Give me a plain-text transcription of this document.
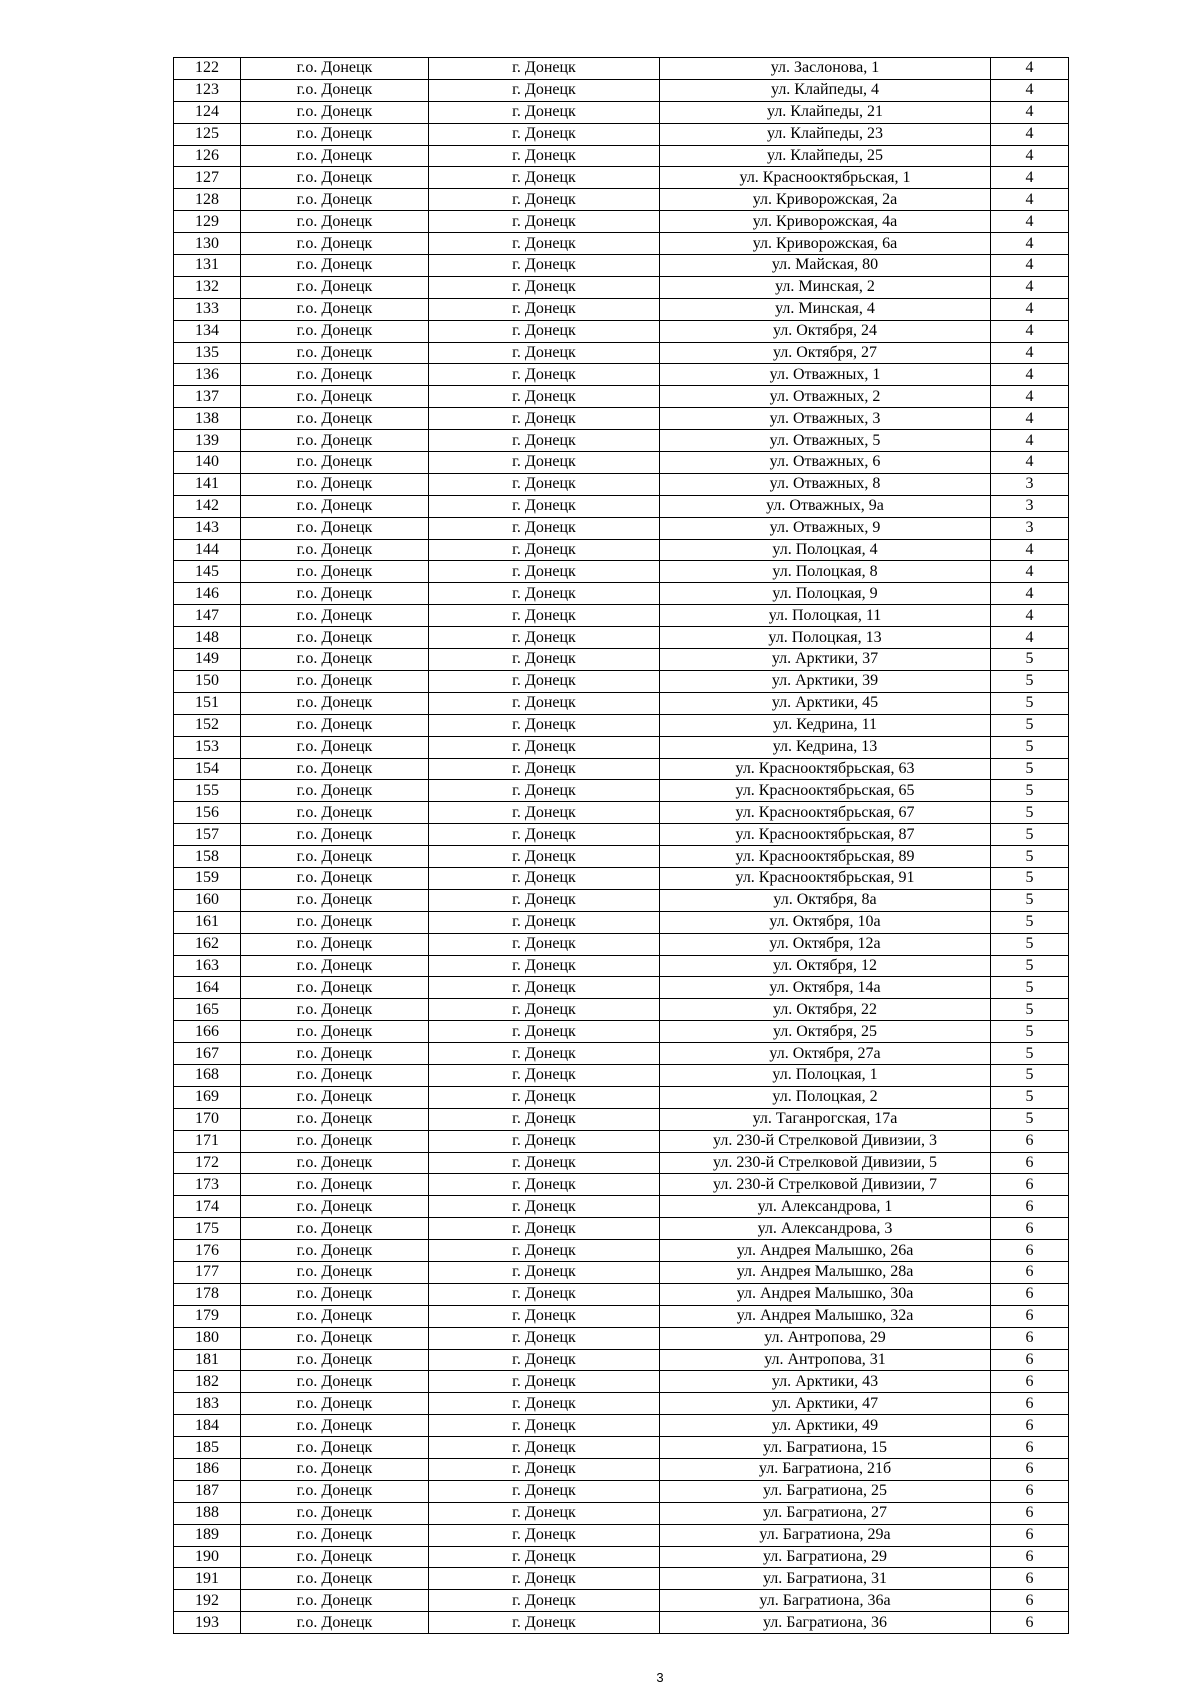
122	г.о. Донецк	г. Донецк	ул. Заслонова, 1	4
123	г.о. Донецк	г. Донецк	ул. Клайпеды, 4	4
124	г.о. Донецк	г. Донецк	ул. Клайпеды, 21	4
125	г.о. Донецк	г. Донецк	ул. Клайпеды, 23	4
126	г.о. Донецк	г. Донецк	ул. Клайпеды, 25	4
127	г.о. Донецк	г. Донецк	ул. Краснооктябрьская, 1	4
128	г.о. Донецк	г. Донецк	ул. Криворожская, 2а	4
129	г.о. Донецк	г. Донецк	ул. Криворожская, 4а	4
130	г.о. Донецк	г. Донецк	ул. Криворожская, 6а	4
131	г.о. Донецк	г. Донецк	ул. Майская, 80	4
132	г.о. Донецк	г. Донецк	ул. Минская, 2	4
133	г.о. Донецк	г. Донецк	ул. Минская, 4	4
134	г.о. Донецк	г. Донецк	ул. Октября, 24	4
135	г.о. Донецк	г. Донецк	ул. Октября, 27	4
136	г.о. Донецк	г. Донецк	ул. Отважных, 1	4
137	г.о. Донецк	г. Донецк	ул. Отважных, 2	4
138	г.о. Донецк	г. Донецк	ул. Отважных, 3	4
139	г.о. Донецк	г. Донецк	ул. Отважных, 5	4
140	г.о. Донецк	г. Донецк	ул. Отважных, 6	4
141	г.о. Донецк	г. Донецк	ул. Отважных, 8	3
142	г.о. Донецк	г. Донецк	ул. Отважных, 9а	3
143	г.о. Донецк	г. Донецк	ул. Отважных, 9	3
144	г.о. Донецк	г. Донецк	ул. Полоцкая, 4	4
145	г.о. Донецк	г. Донецк	ул. Полоцкая, 8	4
146	г.о. Донецк	г. Донецк	ул. Полоцкая, 9	4
147	г.о. Донецк	г. Донецк	ул. Полоцкая, 11	4
148	г.о. Донецк	г. Донецк	ул. Полоцкая, 13	4
149	г.о. Донецк	г. Донецк	ул. Арктики, 37	5
150	г.о. Донецк	г. Донецк	ул. Арктики, 39	5
151	г.о. Донецк	г. Донецк	ул. Арктики, 45	5
152	г.о. Донецк	г. Донецк	ул. Кедрина, 11	5
153	г.о. Донецк	г. Донецк	ул. Кедрина, 13	5
154	г.о. Донецк	г. Донецк	ул. Краснооктябрьская, 63	5
155	г.о. Донецк	г. Донецк	ул. Краснооктябрьская, 65	5
156	г.о. Донецк	г. Донецк	ул. Краснооктябрьская, 67	5
157	г.о. Донецк	г. Донецк	ул. Краснооктябрьская, 87	5
158	г.о. Донецк	г. Донецк	ул. Краснооктябрьская, 89	5
159	г.о. Донецк	г. Донецк	ул. Краснооктябрьская, 91	5
160	г.о. Донецк	г. Донецк	ул. Октября, 8а	5
161	г.о. Донецк	г. Донецк	ул. Октября, 10а	5
162	г.о. Донецк	г. Донецк	ул. Октября, 12а	5
163	г.о. Донецк	г. Донецк	ул. Октября, 12	5
164	г.о. Донецк	г. Донецк	ул. Октября, 14а	5
165	г.о. Донецк	г. Донецк	ул. Октября, 22	5
166	г.о. Донецк	г. Донецк	ул. Октября, 25	5
167	г.о. Донецк	г. Донецк	ул. Октября, 27а	5
168	г.о. Донецк	г. Донецк	ул. Полоцкая, 1	5
169	г.о. Донецк	г. Донецк	ул. Полоцкая, 2	5
170	г.о. Донецк	г. Донецк	ул. Таганрогская, 17а	5
171	г.о. Донецк	г. Донецк	ул. 230-й Стрелковой Дивизии, 3	6
172	г.о. Донецк	г. Донецк	ул. 230-й Стрелковой Дивизии, 5	6
173	г.о. Донецк	г. Донецк	ул. 230-й Стрелковой Дивизии, 7	6
174	г.о. Донецк	г. Донецк	ул. Александрова, 1	6
175	г.о. Донецк	г. Донецк	ул. Александрова, 3	6
176	г.о. Донецк	г. Донецк	ул. Андрея Малышко, 26а	6
177	г.о. Донецк	г. Донецк	ул. Андрея Малышко, 28а	6
178	г.о. Донецк	г. Донецк	ул. Андрея Малышко, 30а	6
179	г.о. Донецк	г. Донецк	ул. Андрея Малышко, 32а	6
180	г.о. Донецк	г. Донецк	ул. Антропова, 29	6
181	г.о. Донецк	г. Донецк	ул. Антропова, 31	6
182	г.о. Донецк	г. Донецк	ул. Арктики, 43	6
183	г.о. Донецк	г. Донецк	ул. Арктики, 47	6
184	г.о. Донецк	г. Донецк	ул. Арктики, 49	6
185	г.о. Донецк	г. Донецк	ул. Багратиона, 15	6
186	г.о. Донецк	г. Донецк	ул. Багратиона, 21б	6
187	г.о. Донецк	г. Донецк	ул. Багратиона, 25	6
188	г.о. Донецк	г. Донецк	ул. Багратиона, 27	6
189	г.о. Донецк	г. Донецк	ул. Багратиона, 29а	6
190	г.о. Донецк	г. Донецк	ул. Багратиона, 29	6
191	г.о. Донецк	г. Донецк	ул. Багратиона, 31	6
192	г.о. Донецк	г. Донецк	ул. Багратиона, 36а	6
193	г.о. Донецк	г. Донецк	ул. Багратиона, 36	6
3
